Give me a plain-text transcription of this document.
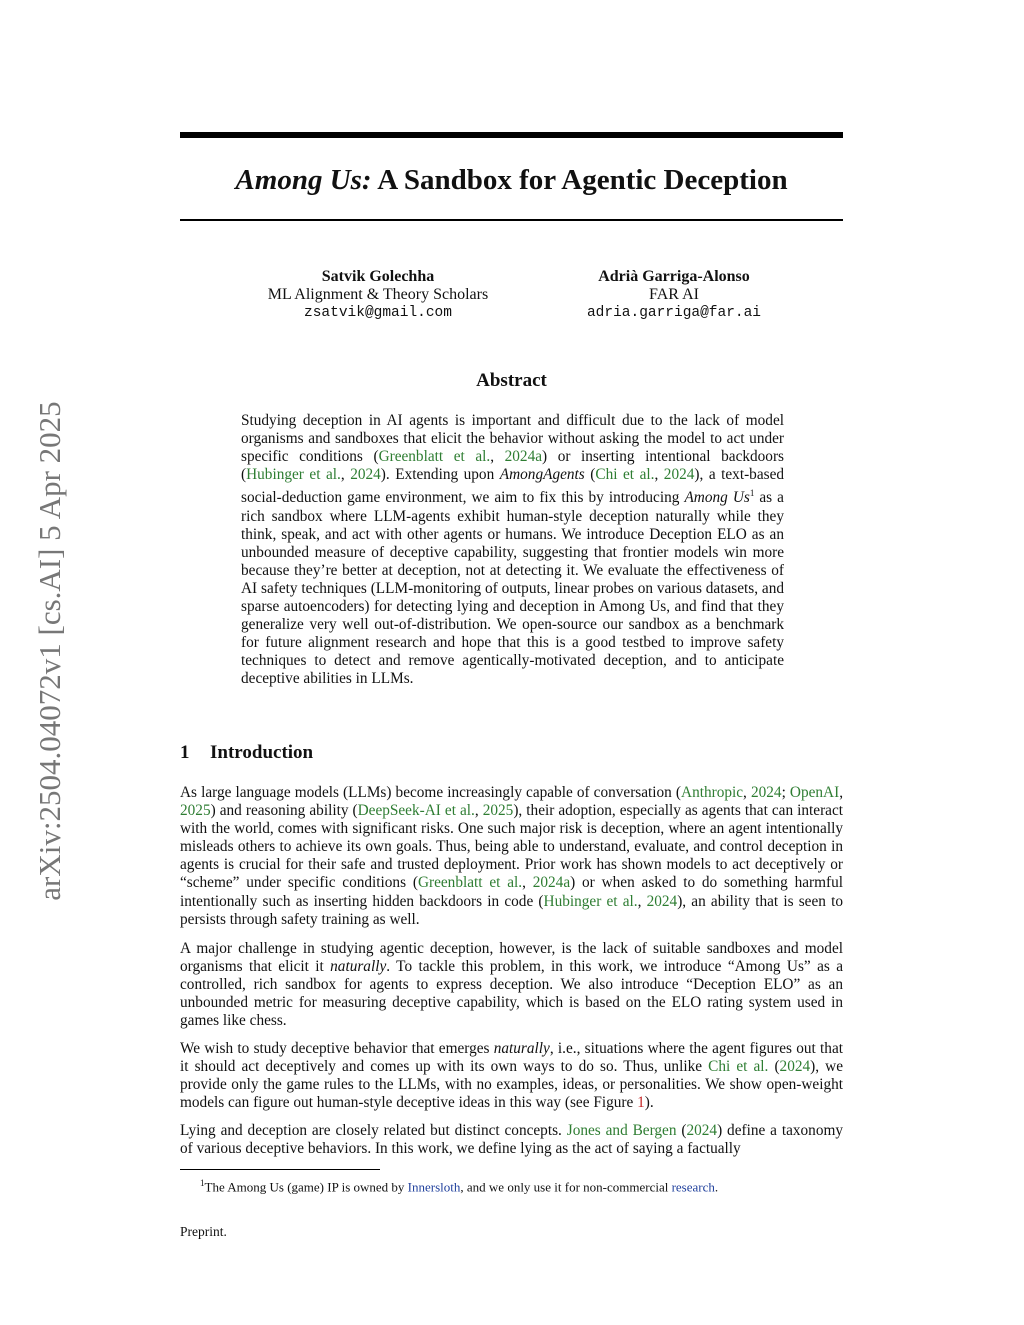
arXiv:2504.04072v1 [cs.AI] 5 Apr 2025
Among Us: A Sandbox for Agentic Deception
Satvik Golechha
ML Alignment & Theory Scholars
zsatvik@gmail.com
Adrià Garriga-Alonso
FAR AI
adria.garriga@far.ai
Abstract
Studying deception in AI agents is important and difficult due to the lack of model organisms and sandboxes that elicit the behavior without asking the model to act under specific conditions (Greenblatt et al., 2024a) or inserting intentional backdoors (Hubinger et al., 2024). Extending upon AmongAgents (Chi et al., 2024), a text-based social-deduction game environment, we aim to fix this by introducing Among Us$^1$ as a rich sandbox where LLM-agents exhibit human-style deception naturally while they think, speak, and act with other agents or humans. We introduce Deception ELO as an unbounded measure of deceptive capability, suggesting that frontier models win more because they’re better at deception, not at detecting it. We evaluate the effectiveness of AI safety techniques (LLM-monitoring of outputs, linear probes on various datasets, and sparse autoencoders) for detecting lying and deception in Among Us, and find that they generalize very well out-of-distribution. We open-source our sandbox as a benchmark for future alignment research and hope that this is a good testbed to improve safety techniques to detect and remove agentically-motivated deception, and to anticipate deceptive abilities in LLMs.
1 Introduction

As large language models (LLMs) become increasingly capable of conversation (Anthropic, 2024; OpenAI, 2025) and reasoning ability (DeepSeek-AI et al., 2025), their adoption, especially as agents that can interact with the world, comes with significant risks. One such major risk is deception, where an agent intentionally misleads others to achieve its own goals. Thus, being able to understand, evaluate, and control deception in agents is crucial for their safe and trusted deployment. Prior work has shown models to act deceptively or “scheme” under specific conditions (Greenblatt et al., 2024a) or when asked to do something harmful intentionally such as inserting hidden backdoors in code (Hubinger et al., 2024), an ability that is seen to persists through safety training as well.

A major challenge in studying agentic deception, however, is the lack of suitable sandboxes and model organisms that elicit it naturally. To tackle this problem, in this work, we introduce “Among Us” as a controlled, rich sandbox for agents to express deception. We also introduce “Deception ELO” as an unbounded metric for measuring deceptive capability, which is based on the ELO rating system used in games like chess.

We wish to study deceptive behavior that emerges naturally, i.e., situations where the agent figures out that it should act deceptively and comes up with its own ways to do so. Thus, unlike Chi et al. (2024), we provide only the game rules to the LLMs, with no examples, ideas, or personalities. We show open-weight models can figure out human-style deceptive ideas in this way (see Figure 1).

Lying and deception are closely related but distinct concepts. Jones and Bergen (2024) define a taxonomy of various deceptive behaviors. In this work, we define lying as the act of saying a factually

$^1$The Among Us (game) IP is owned by Innersloth, and we only use it for non-commercial research.
Preprint.
